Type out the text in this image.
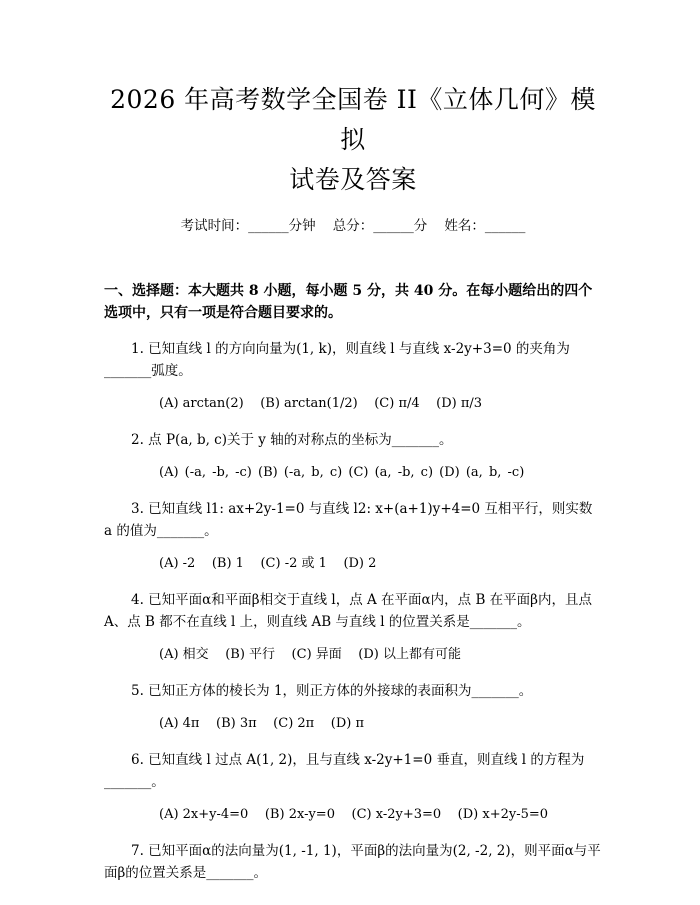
2026 年高考数学全国卷 II《立体几何》模拟
试卷及答案
考试时间：______分钟    总分：______分    姓名：______
一、选择题：本大题共 8 小题，每小题 5 分，共 40 分。在每小题给出的四个选项中，只有一项是符合题目要求的。
1. 已知直线 l 的方向向量为(1, k)，则直线 l 与直线 x-2y+3=0 的夹角为_______弧度。
(A) arctan(2)    (B) arctan(1/2)    (C) π/4    (D) π/3
2. 点 P(a, b, c)关于 y 轴的对称点的坐标为_______。
(A) (-a, -b, -c) (B) (-a, b, c) (C) (a, -b, c) (D) (a, b, -c)
3. 已知直线 l1: ax+2y-1=0 与直线 l2: x+(a+1)y+4=0 互相平行，则实数 a 的值为_______。
(A) -2    (B) 1    (C) -2 或 1    (D) 2
4. 已知平面α和平面β相交于直线 l，点 A 在平面α内，点 B 在平面β内，且点 A、点 B 都不在直线 l 上，则直线 AB 与直线 l 的位置关系是_______。
(A) 相交    (B) 平行    (C) 异面    (D) 以上都有可能
5. 已知正方体的棱长为 1，则正方体的外接球的表面积为_______。
(A) 4π    (B) 3π    (C) 2π    (D) π
6. 已知直线 l 过点 A(1, 2)，且与直线 x-2y+1=0 垂直，则直线 l 的方程为_______。
(A) 2x+y-4=0    (B) 2x-y=0    (C) x-2y+3=0    (D) x+2y-5=0
7. 已知平面α的法向量为(1, -1, 1)，平面β的法向量为(2, -2, 2)，则平面α与平面β的位置关系是_______。
